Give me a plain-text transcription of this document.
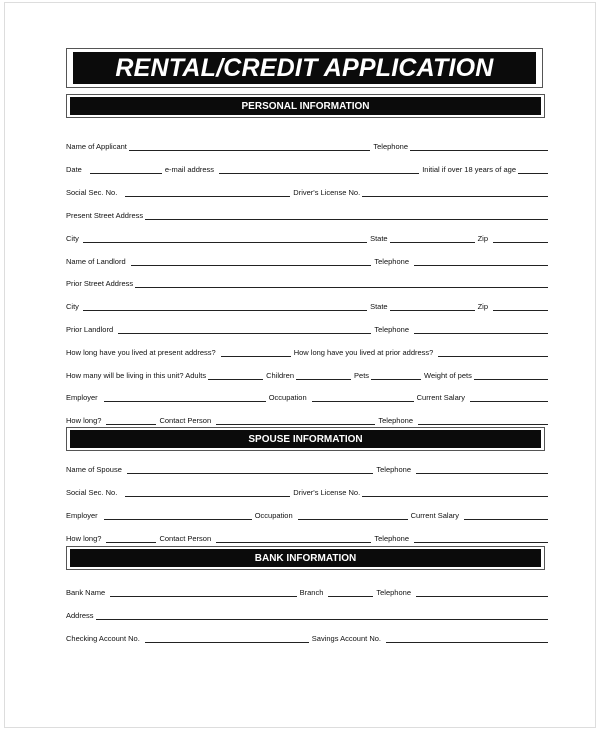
RENTAL/CREDIT APPLICATION
PERSONAL INFORMATION
Name of Applicant	Telephone
Date	e-mail address	Initial if over 18 years of age
Social Sec. No.	Driver's License No.
Present Street Address
City	State	Zip
Name of Landlord	Telephone
Prior Street Address
City	State	Zip
Prior Landlord	Telephone
How long have you lived at present address?	How long have you lived at prior address?
How many will be living in this unit? Adults	Children	Pets	Weight of pets
Employer	Occupation	Current Salary
How long?	Contact Person	Telephone
SPOUSE INFORMATION
Name of Spouse	Telephone
Social Sec. No.	Driver's License No.
Employer	Occupation	Current Salary
How long?	Contact Person	Telephone
BANK INFORMATION
Bank Name	Branch	Telephone
Address
Checking Account No.	Savings Account No.
